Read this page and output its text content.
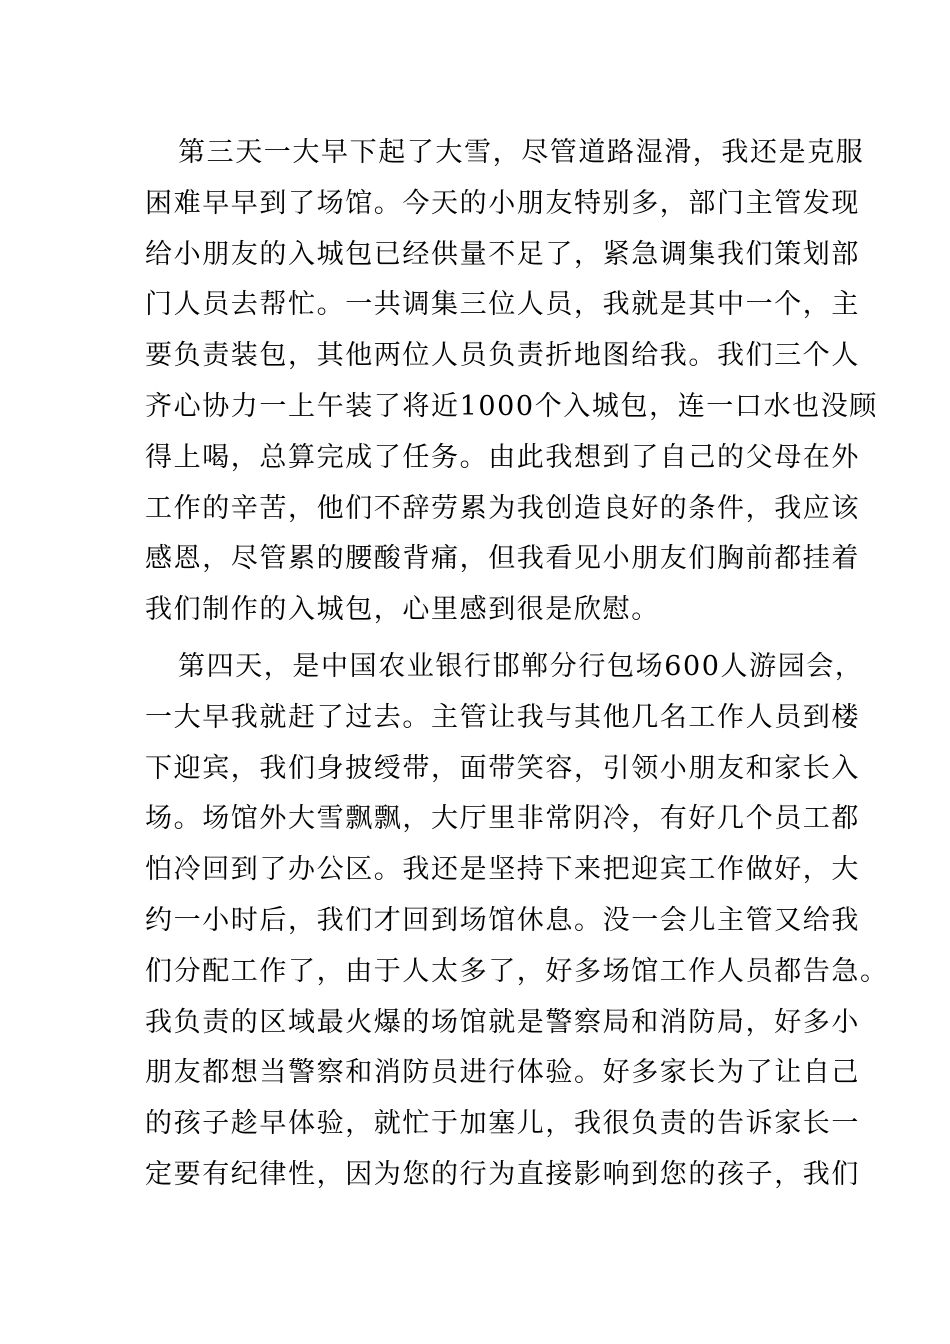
第三天一大早下起了大雪，尽管道路湿滑，我还是克服
困难早早到了场馆。今天的小朋友特别多，部门主管发现
给小朋友的入城包已经供量不足了，紧急调集我们策划部
门人员去帮忙。一共调集三位人员，我就是其中一个，主
要负责装包，其他两位人员负责折地图给我。我们三个人
齐心协力一上午装了将近1000个入城包，连一口水也没顾
得上喝，总算完成了任务。由此我想到了自己的父母在外
工作的辛苦，他们不辞劳累为我创造良好的条件，我应该
感恩，尽管累的腰酸背痛，但我看见小朋友们胸前都挂着
我们制作的入城包，心里感到很是欣慰。
第四天，是中国农业银行邯郸分行包场600人游园会，
一大早我就赶了过去。主管让我与其他几名工作人员到楼
下迎宾，我们身披绶带，面带笑容，引领小朋友和家长入
场。场馆外大雪飘飘，大厅里非常阴冷，有好几个员工都
怕冷回到了办公区。我还是坚持下来把迎宾工作做好，大
约一小时后，我们才回到场馆休息。没一会儿主管又给我
们分配工作了，由于人太多了，好多场馆工作人员都告急。
我负责的区域最火爆的场馆就是警察局和消防局，好多小
朋友都想当警察和消防员进行体验。好多家长为了让自己
的孩子趁早体验，就忙于加塞儿，我很负责的告诉家长一
定要有纪律性，因为您的行为直接影响到您的孩子，我们
